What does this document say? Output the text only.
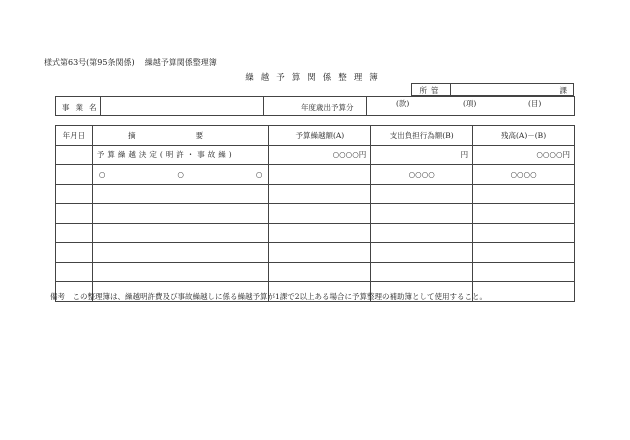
様式第63号(第95条関係) 繰越予算関係整理簿
繰越予算関係整理簿
所管	課
事業名	年度歳出予算分	(款)	(項)	(目)
年月日	摘要	予算繰越額(A)	支出負担行為額(B)	残高(A)－(B)
	予算繰越決定(明許・事故繰)	○○○○円	円	○○○○円

	○ ○ ○		○○○○	○○○○

備考　この整理簿は、繰越明許費及び事故繰越しに係る繰越予算が1課で2以上ある場合に予算整理の補助簿として使用すること。
